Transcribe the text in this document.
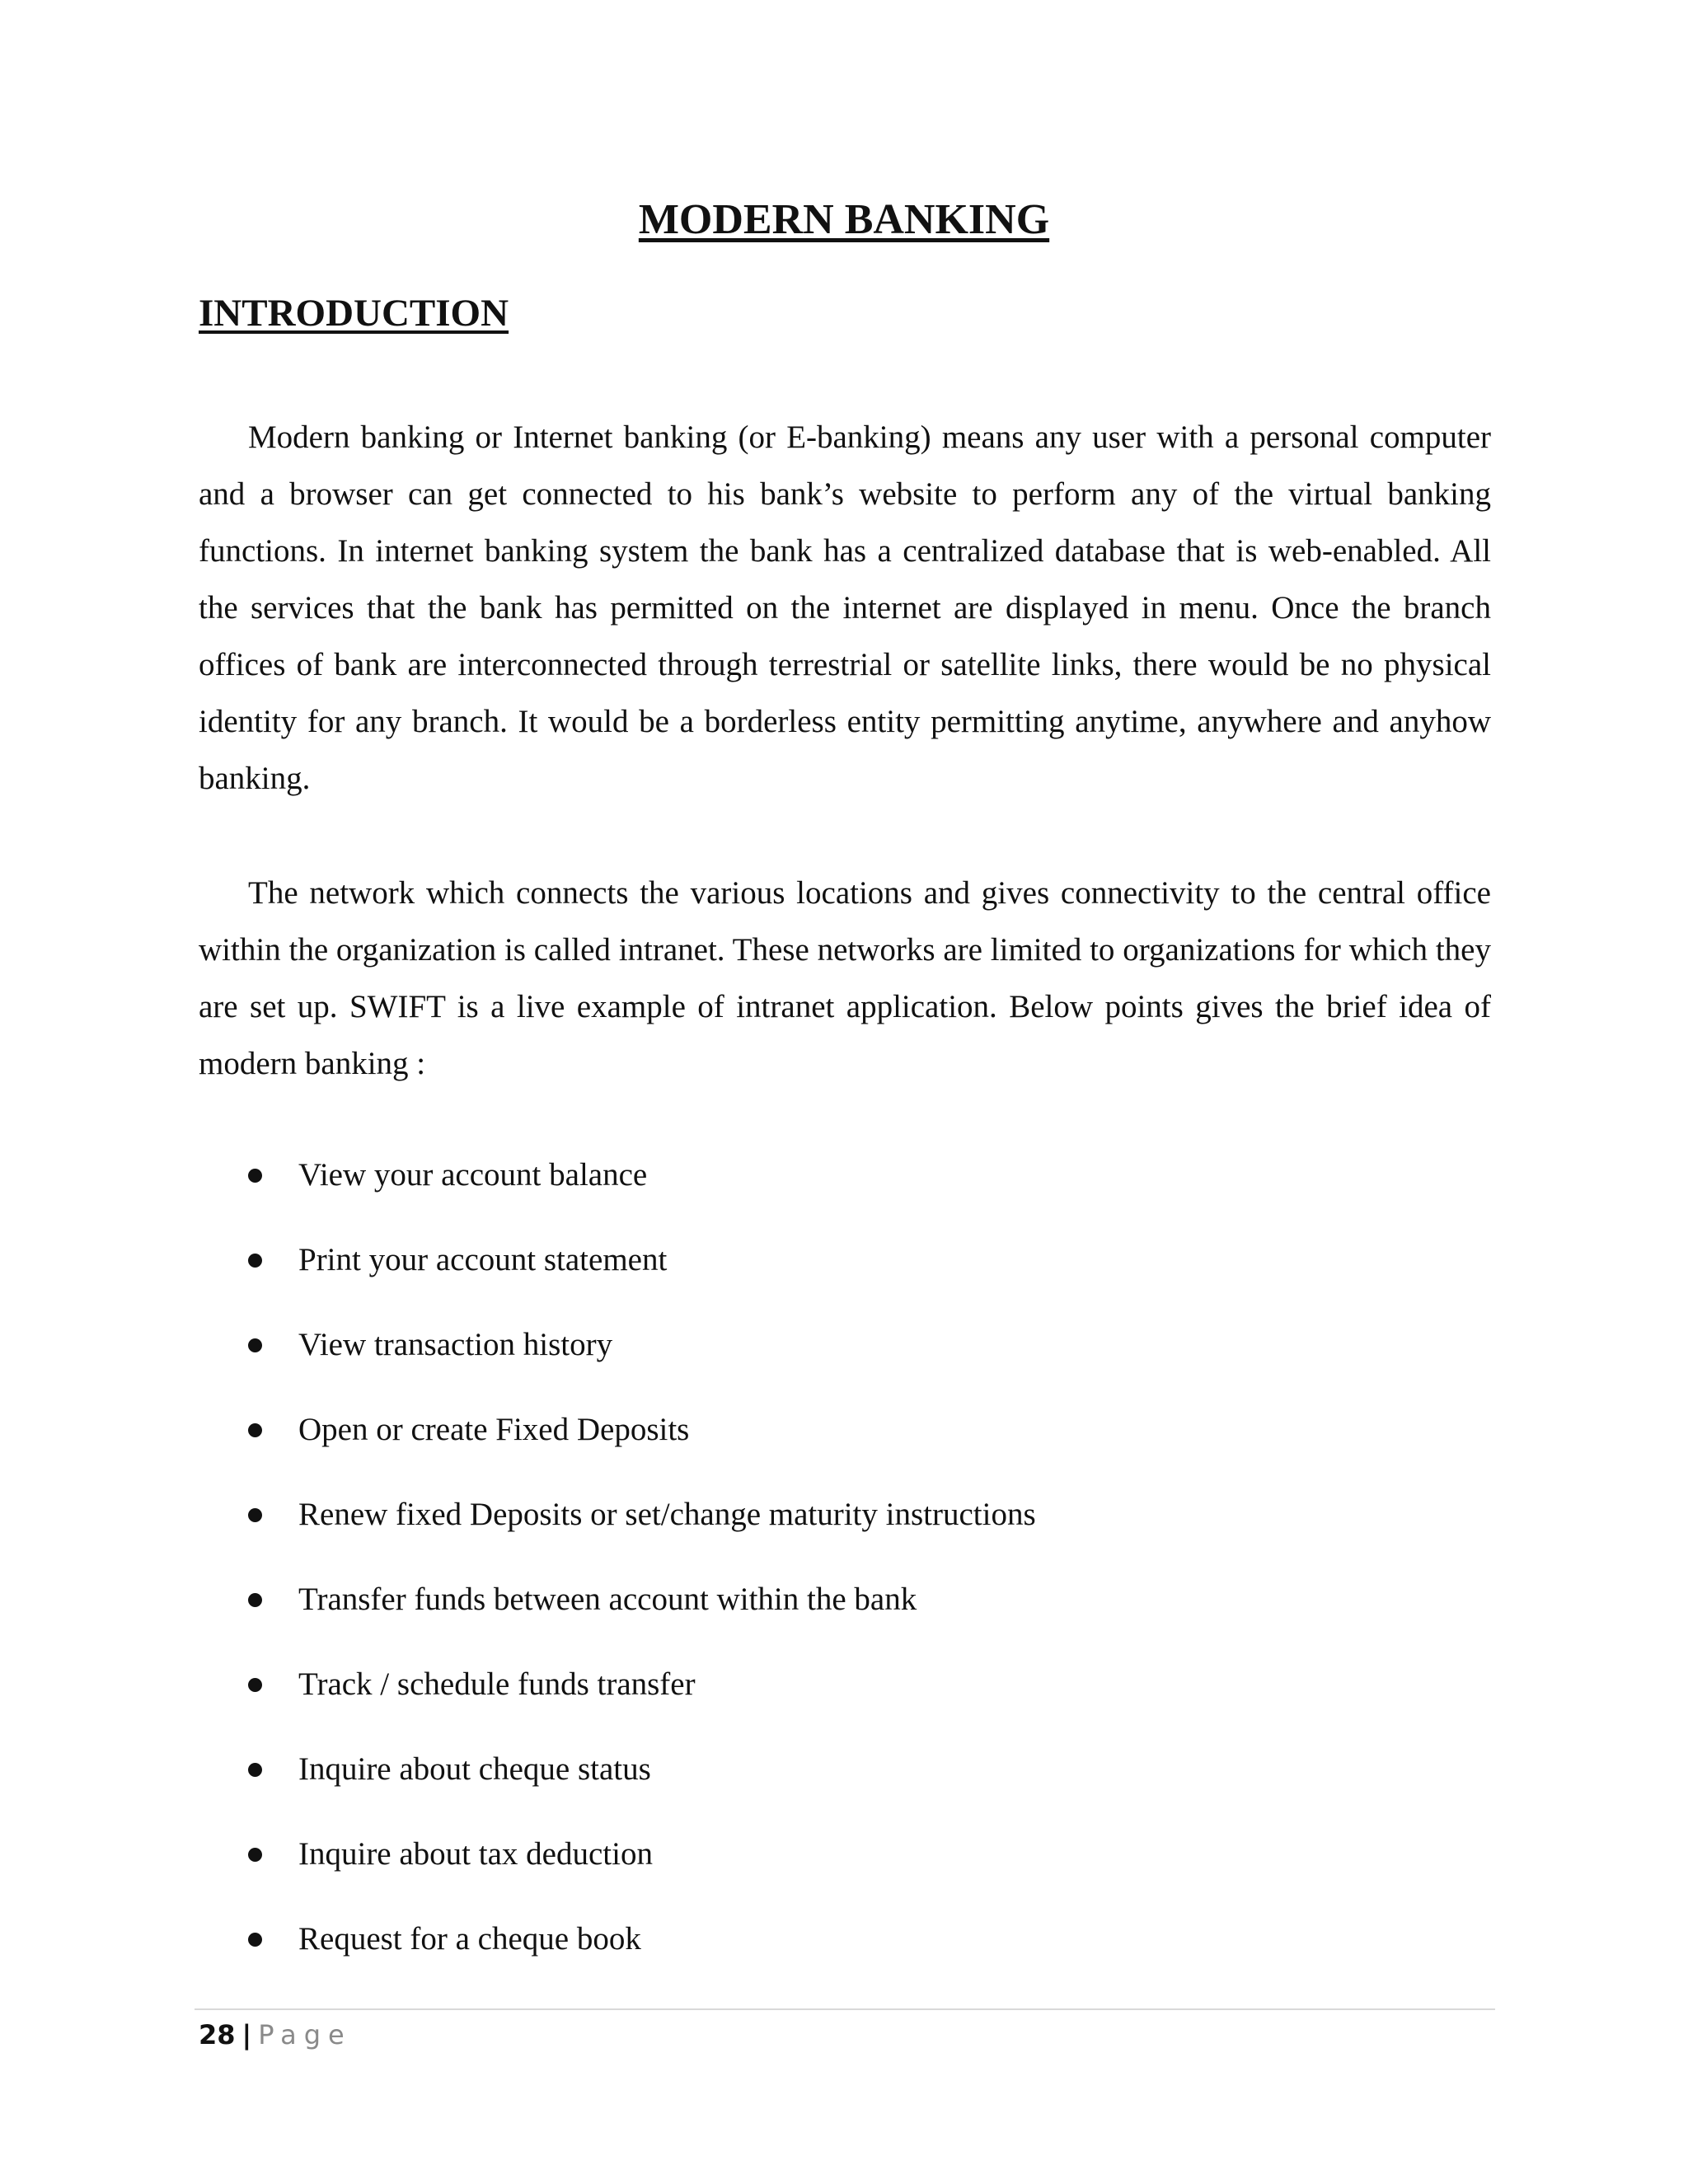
MODERN BANKING
INTRODUCTION

Modern banking or Internet banking (or E-banking) means any user with a personal computer and a browser can get connected to his bank’s website to perform any of the virtual banking functions. In internet banking system the bank has a centralized database that is web-enabled. All the services that the bank has permitted on the internet are displayed in menu. Once the branch offices of bank are interconnected through terrestrial or satellite links, there would be no physical identity for any branch. It would be a borderless entity permitting anytime, anywhere and anyhow banking.

The network which connects the various locations and gives connectivity to the central office within the organization is called intranet. These networks are limited to organizations for which they are set up. SWIFT is a live example of intranet application. Below points gives the brief idea of modern banking :

View your account balance
Print your account statement
View transaction history
Open or create Fixed Deposits
Renew fixed Deposits or set/change maturity instructions
Transfer funds between account within the bank
Track / schedule funds transfer
Inquire about cheque status
Inquire about tax deduction
Request for a cheque book
28 | Page
